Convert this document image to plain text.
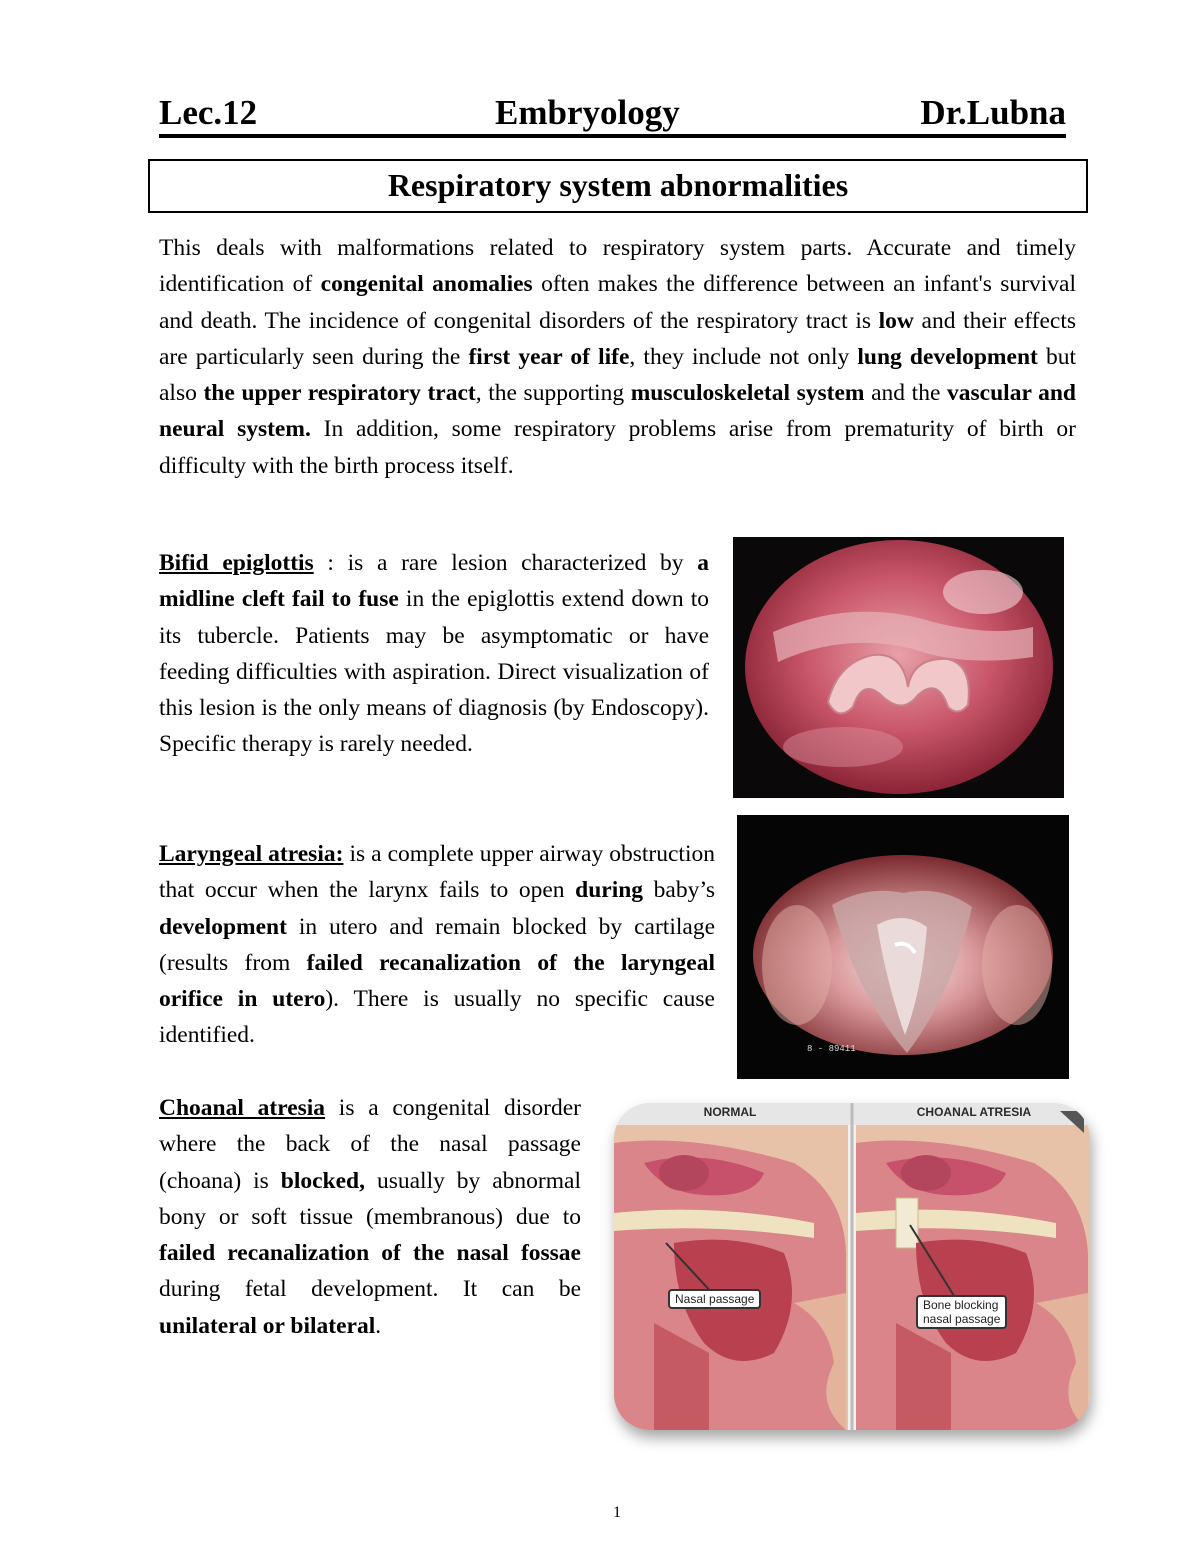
Lec.12	Embryology	Dr.Lubna
Respiratory system abnormalities

This deals with malformations related to respiratory system parts. Accurate and timely identification of congenital anomalies often makes the difference between an infant's survival and death. The incidence of congenital disorders of the respiratory tract is low and their effects are particularly seen during the first year of life, they include not only lung development but also the upper respiratory tract, the supporting musculoskeletal system and the vascular and neural system. In addition, some respiratory problems arise from prematurity of birth or difficulty with the birth process itself.

Bifid epiglottis : is a rare lesion characterized by a midline cleft fail to fuse in the epiglottis extend down to its tubercle. Patients may be asymptomatic or have feeding difficulties with aspiration. Direct visualization of this lesion is the only means of diagnosis (by Endoscopy). Specific therapy is rarely needed.

Laryngeal atresia: is a complete upper airway obstruction that occur when the larynx fails to open during baby’s development in utero and remain blocked by cartilage (results from failed recanalization of the laryngeal orifice in utero). There is usually no specific cause identified.

8 - 89411

Choanal atresia is a congenital disorder where the back of the nasal passage (choana) is blocked, usually by abnormal bony or soft tissue (membranous) due to failed recanalization of the nasal fossae during fetal development. It can be unilateral or bilateral.

NORMAL	CHOANAL ATRESIA
Nasal passage	Bone blocking
nasal passage
1
